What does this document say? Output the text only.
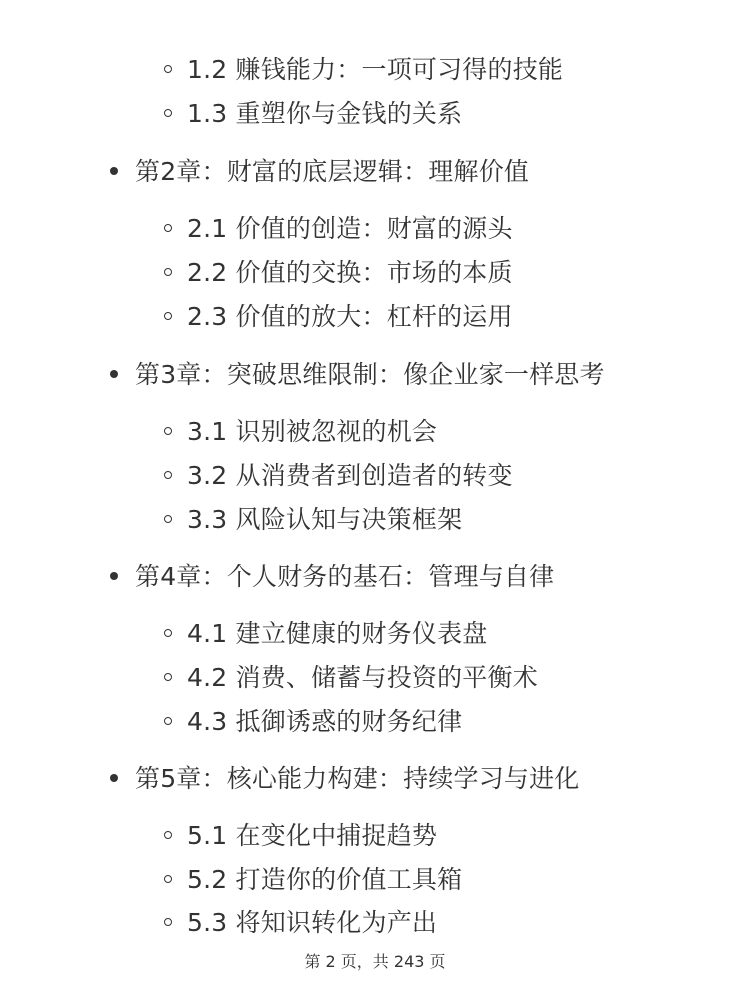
1.2 赚钱能力：一项可习得的技能
1.3 重塑你与金钱的关系
第2章：财富的底层逻辑：理解价值
2.1 价值的创造：财富的源头
2.2 价值的交换：市场的本质
2.3 价值的放大：杠杆的运用
第3章：突破思维限制：像企业家一样思考
3.1 识别被忽视的机会
3.2 从消费者到创造者的转变
3.3 风险认知与决策框架
第4章：个人财务的基石：管理与自律
4.1 建立健康的财务仪表盘
4.2 消费、储蓄与投资的平衡术
4.3 抵御诱惑的财务纪律
第5章：核心能力构建：持续学习与进化
5.1 在变化中捕捉趋势
5.2 打造你的价值工具箱
5.3 将知识转化为产出
第 2 页，共 243 页
